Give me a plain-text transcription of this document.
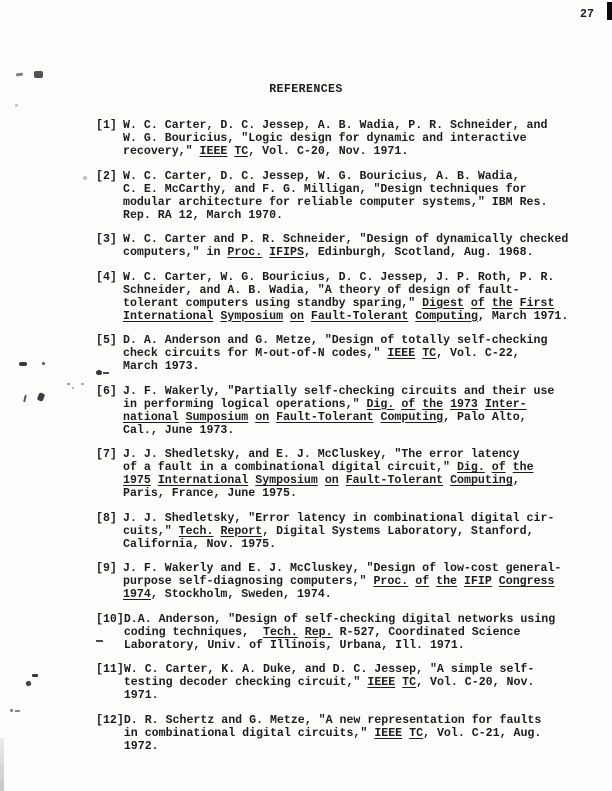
27
REFERENCES
[1] W. C. Carter, D. C. Jessep, A. B. Wadia, P. R. Schneider, and
W. G. Bouricius, "Logic design for dynamic and interactive
recovery," IEEE TC, Vol. C-20, Nov. 1971.
[2] W. C. Carter, D. C. Jessep, W. G. Bouricius, A. B. Wadia,
C. E. McCarthy, and F. G. Milligan, "Design techniques for
modular architecture for reliable computer systems," IBM Res.
Rep. RA 12, March 1970.
[3] W. C. Carter and P. R. Schneider, "Design of dynamically checked
computers," in Proc. IFIPS, Edinburgh, Scotland, Aug. 1968.
[4] W. C. Carter, W. G. Bouricius, D. C. Jessep, J. P. Roth, P. R.
Schneider, and A. B. Wadia, "A theory of design of fault-
tolerant computers using standby sparing," Digest of the First
International Symposium on Fault-Tolerant Computing, March 1971.
[5] D. A. Anderson and G. Metze, "Design of totally self-checking
check circuits for M-out-of-N codes," IEEE TC, Vol. C-22,
March 1973.
[6] J. F. Wakerly, "Partially self-checking circuits and their use
in performing logical operations," Dig. of the 1973 Inter-
national Sumposium on Fault-Tolerant Computing, Palo Alto,
Cal., June 1973.
[7] J. J. Shedletsky, and E. J. McCluskey, "The error latency
of a fault in a combinational digital circuit," Dig. of the
1975 International Symposium on Fault-Tolerant Computing,
Paris, France, June 1975.
[8] J. J. Shedletsky, "Error latency in combinational digital cir-
cuits," Tech. Report, Digital Systems Laboratory, Stanford,
California, Nov. 1975.
[9] J. F. Wakerly and E. J. McCluskey, "Design of low-cost general-
purpose self-diagnosing computers," Proc. of the IFIP Congress
1974, Stockholm, Sweden, 1974.
[10] D.A. Anderson, "Design of self-checking digital networks using
coding techniques,  Tech. Rep. R-527, Coordinated Science
Laboratory, Univ. of Illinois, Urbana, Ill. 1971.
[11] W. C. Carter, K. A. Duke, and D. C. Jessep, "A simple self-
testing decoder checking circuit," IEEE TC, Vol. C-20, Nov.
1971.
[12] D. R. Schertz and G. Metze, "A new representation for faults
in combinational digital circuits," IEEE TC, Vol. C-21, Aug.
1972.
